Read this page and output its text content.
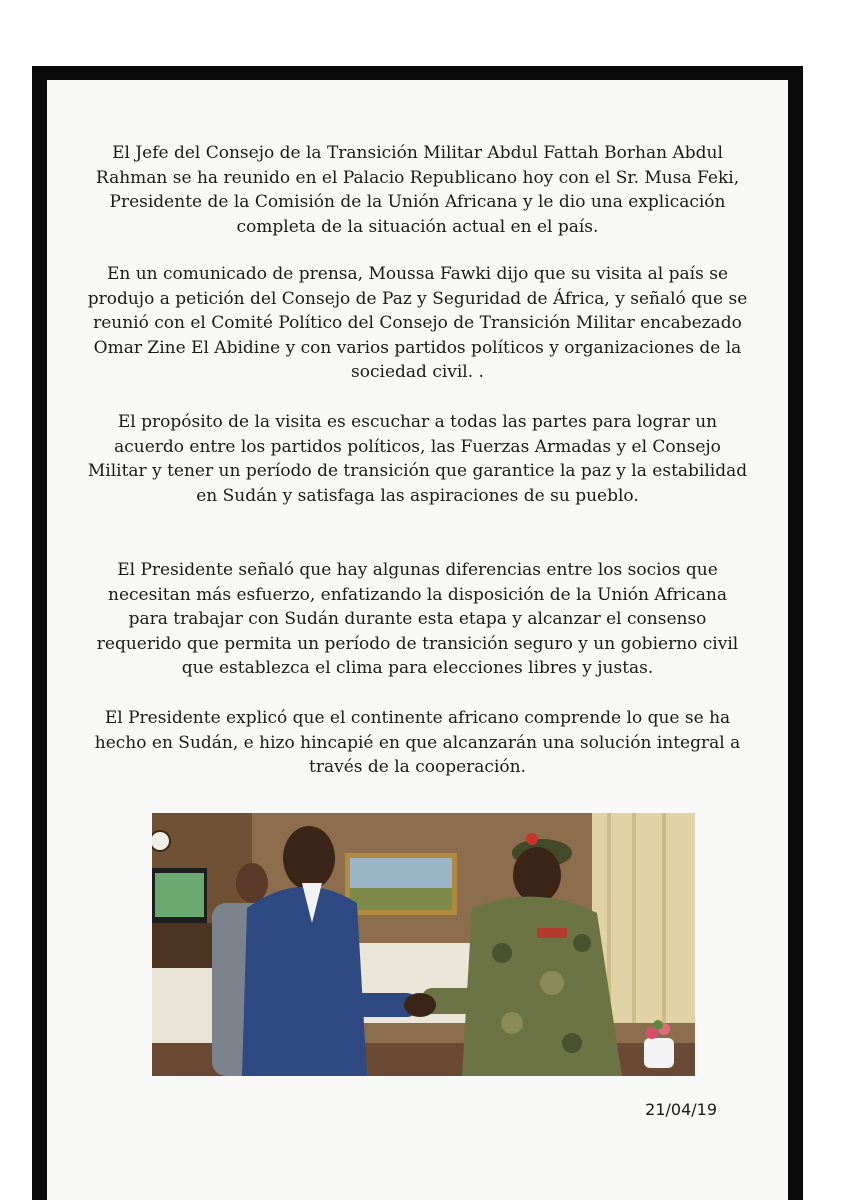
El Jefe del Consejo de la Transición Militar Abdul Fattah Borhan Abdul Rahman se ha reunido en el Palacio Republicano hoy con el Sr. Musa Feki, Presidente de la Comisión de la Unión Africana y le dio una explicación completa de la situación actual en el país.

En un comunicado de prensa, Moussa Fawki dijo que su visita al país se produjo a petición del Consejo de Paz y Seguridad de África, y señaló que se reunió con el Comité Político del Consejo de Transición Militar encabezado Omar Zine El Abidine y con varios partidos políticos y organizaciones de la sociedad civil. .

El propósito de la visita es escuchar a todas las partes para lograr un acuerdo entre los partidos políticos, las Fuerzas Armadas y el Consejo Militar y tener un período de transición que garantice la paz y la estabilidad en Sudán y satisfaga las aspiraciones de su pueblo.

El Presidente señaló que hay algunas diferencias entre los socios que necesitan más esfuerzo, enfatizando la disposición de la Unión Africana para trabajar con Sudán durante esta etapa y alcanzar el consenso requerido que permita un período de transición seguro y un gobierno civil que establezca el clima para elecciones libres y justas.

El Presidente explicó que el continente africano comprende lo que se ha hecho en Sudán, e hizo hincapié en que alcanzarán una solución integral a través de la cooperación.

21/04/19
